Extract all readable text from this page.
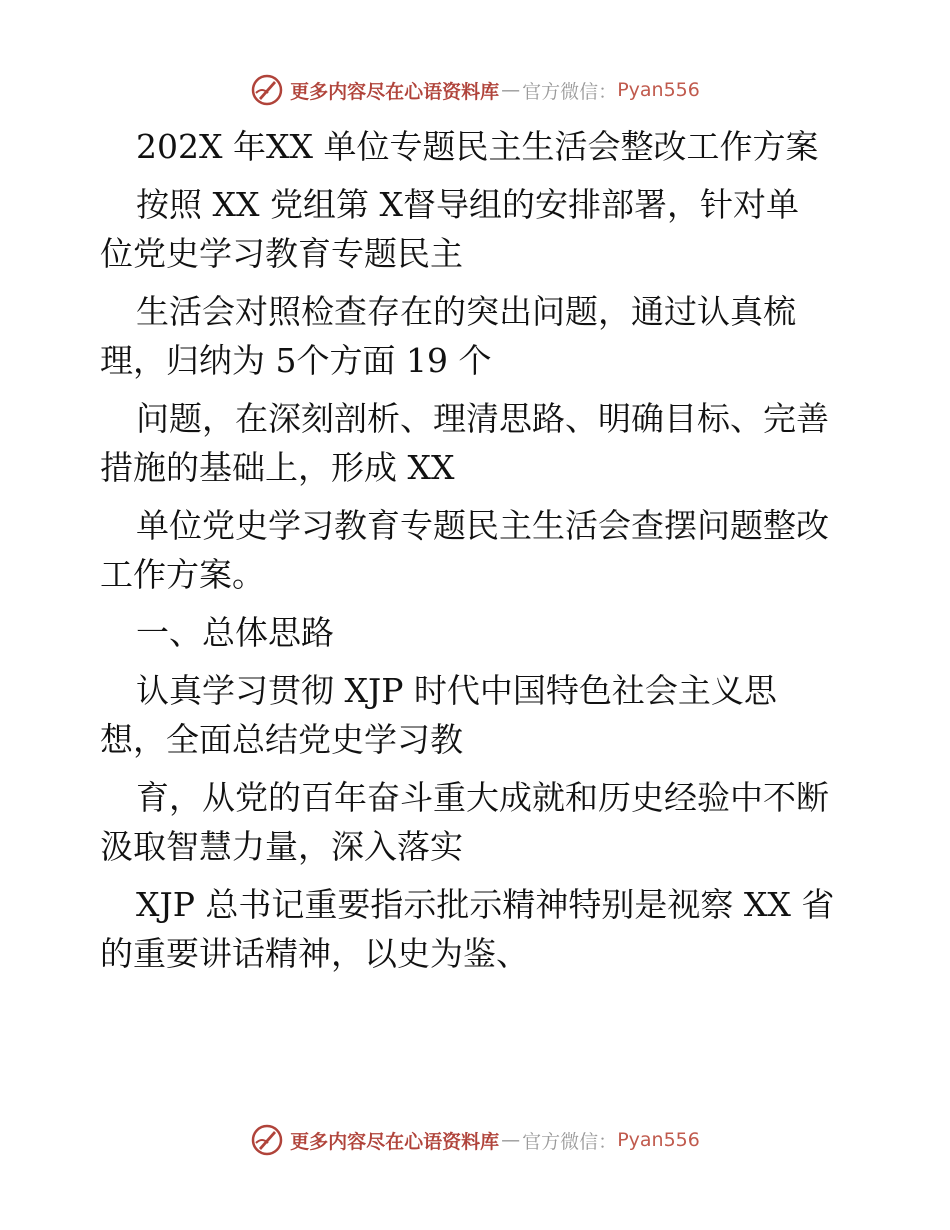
更多内容尽在心语资料库 — 官方微信： Pyan556

202X 年XX 单位专题民主生活会整改工作方案

按照 XX 党组第 X督导组的安排部署，针对单

位党史学习教育专题民主

生活会对照检查存在的突出问题，通过认真梳

理，归纳为 5个方面 19 个

问题，在深刻剖析、理清思路、明确目标、完善

措施的基础上，形成 XX

单位党史学习教育专题民主生活会查摆问题整改

工作方案。

一、总体思路

认真学习贯彻 XJP 时代中国特色社会主义思

想，全面总结党史学习教

育，从党的百年奋斗重大成就和历史经验中不断

汲取智慧力量，深入落实

XJP 总书记重要指示批示精神特别是视察 XX 省

的重要讲话精神，以史为鉴、

更多内容尽在心语资料库 — 官方微信： Pyan556
